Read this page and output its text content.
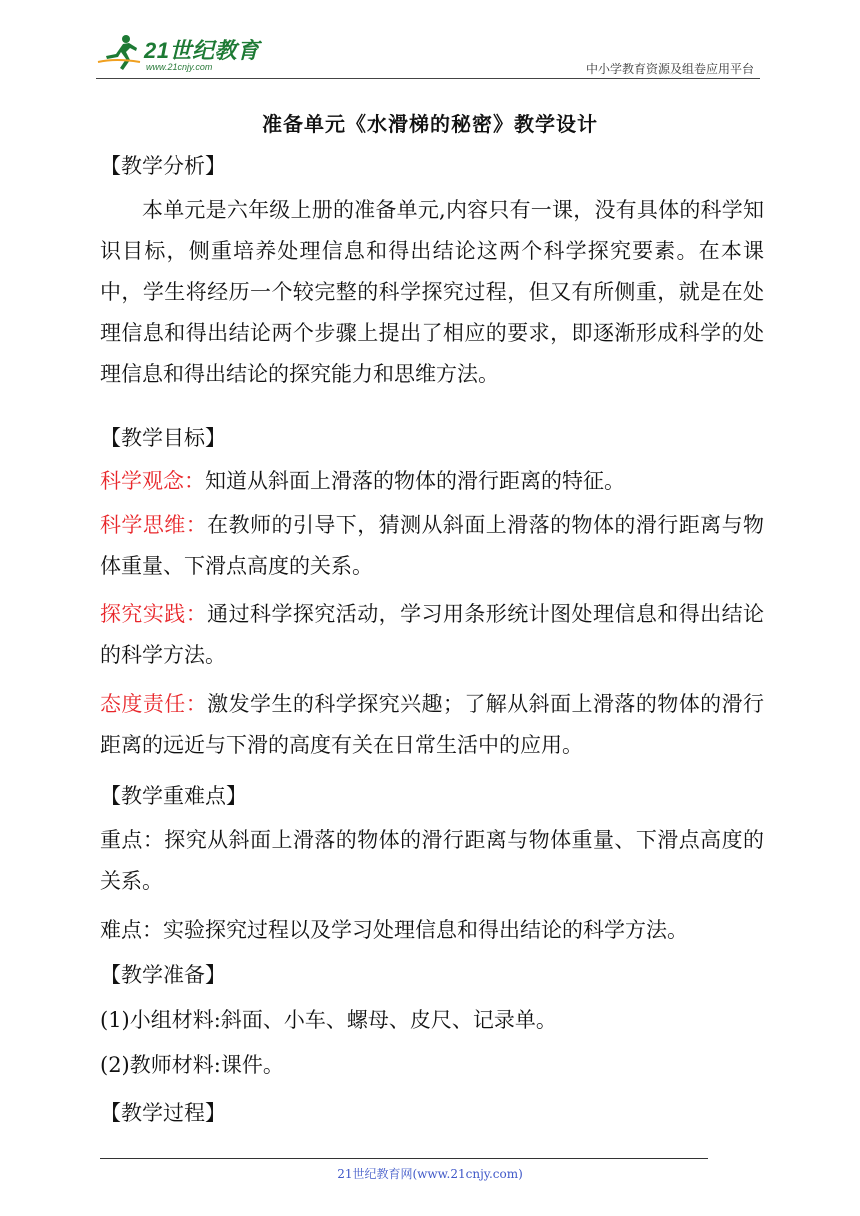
21世纪教育
www.21cnjy.com	中小学教育资源及组卷应用平台
准备单元《水滑梯的秘密》教学设计
【教学分析】
本单元是六年级上册的准备单元,内容只有一课，没有具体的科学知识目标，侧重培养处理信息和得出结论这两个科学探究要素。在本课中，学生将经历一个较完整的科学探究过程，但又有所侧重，就是在处理信息和得出结论两个步骤上提出了相应的要求，即逐渐形成科学的处理信息和得出结论的探究能力和思维方法。
【教学目标】
科学观念：知道从斜面上滑落的物体的滑行距离的特征。
科学思维：在教师的引导下，猜测从斜面上滑落的物体的滑行距离与物体重量、下滑点高度的关系。
探究实践：通过科学探究活动，学习用条形统计图处理信息和得出结论的科学方法。
态度责任：激发学生的科学探究兴趣；了解从斜面上滑落的物体的滑行距离的远近与下滑的高度有关在日常生活中的应用。
【教学重难点】
重点：探究从斜面上滑落的物体的滑行距离与物体重量、下滑点高度的关系。
难点：实验探究过程以及学习处理信息和得出结论的科学方法。
【教学准备】
(1)小组材料:斜面、小车、螺母、皮尺、记录单。
(2)教师材料:课件。
【教学过程】
21世纪教育网(www.21cnjy.com)
